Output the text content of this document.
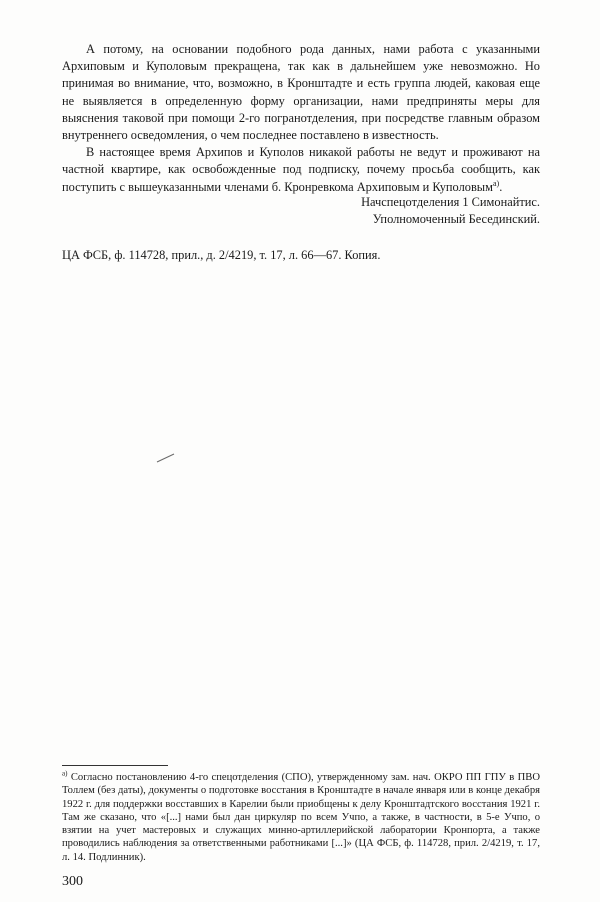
А потому, на основании подобного рода данных, нами работа с указанными Архиповым и Куполовым прекращена, так как в дальнейшем уже невозможно. Но принимая во внимание, что, возможно, в Кронштадте и есть группа людей, каковая еще не выявляется в определенную форму организации, нами предприняты меры для выяснения таковой при помощи 2-го погранотделения, при посредстве главным образом внутреннего осведомления, о чем последнее поставлено в известность.

В настоящее время Архипов и Куполов никакой работы не ведут и проживают на частной квартире, как освобожденные под подписку, почему просьба сообщить, как поступить с вышеуказанными членами б. Кронревкома Архиповым и Куполовым$^{а)}$.

Начспецотделения 1 Симонайтис.
Уполномоченный Бесединский.
ЦА ФСБ, ф. 114728, прил., д. 2/4219, т. 17, л. 66—67. Копия.
$^{а)}$ Согласно постановлению 4-го спецотделения (СПО), утвержденному зам. нач. ОКРО ПП ГПУ в ПВО Толлем (без даты), документы о подготовке восстания в Кронштадте в начале января или в конце декабря 1922 г. для поддержки восставших в Карелии были приобщены к делу Кронштадтского восстания 1921 г. Там же сказано, что «[...] нами был дан циркуляр по всем Учпо, а также, в частности, в 5-е Учпо, о взятии на учет мастеровых и служащих минно-артиллерийской лаборатории Кронпорта, а также проводились наблюдения за ответственными работниками [...]» (ЦА ФСБ, ф. 114728, прил. 2/4219, т. 17, л. 14. Подлинник).
300
